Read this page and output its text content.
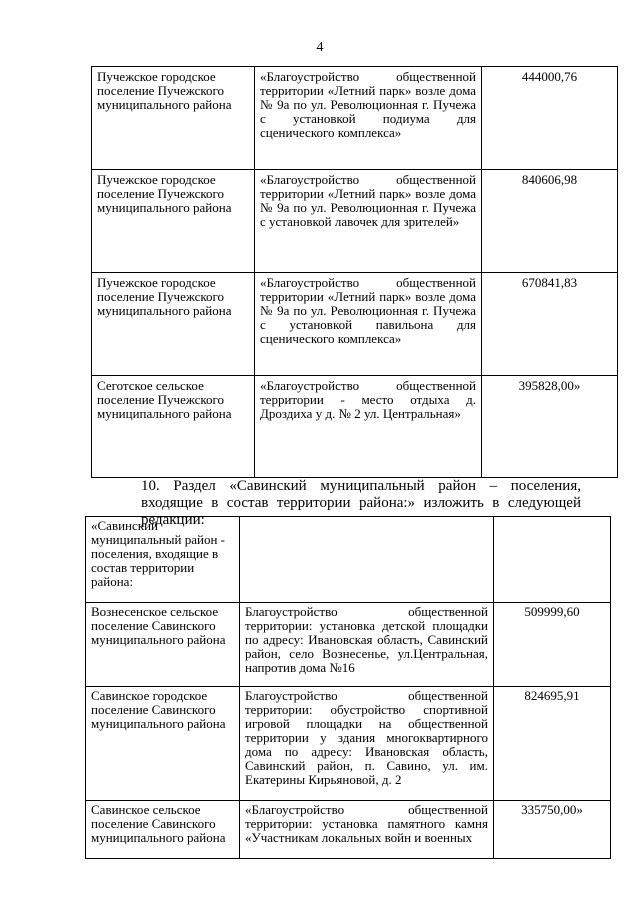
4
Пучежское городское поселение Пучежского муниципального района	«Благоустройство общественной территории «Летний парк» возле дома № 9а по ул. Революционная г. Пучежа с установкой подиума для сценического комплекса»	444000,76
Пучежское городское поселение Пучежского муниципального района	«Благоустройство общественной территории «Летний парк» возле дома № 9а по ул. Революционная г. Пучежа с установкой лавочек для зрителей»	840606,98
Пучежское городское поселение Пучежского муниципального района	«Благоустройство общественной территории «Летний парк» возле дома № 9а по ул. Революционная г. Пучежа с установкой павильона для сценического комплекса»	670841,83
Сеготское сельское поселение Пучежского муниципального района	«Благоустройство общественной территории - место отдыха д. Дроздиха у д. № 2 ул. Центральная»	395828,00»
10. Раздел «Савинский муниципальный район – поселения, входящие в состав территории района:» изложить в следующей редакции:
«Савинский муниципальный район - поселения, входящие в состав территории района:		
Вознесенское сельское поселение Савинского муниципального района	Благоустройство общественной территории: установка детской площадки по адресу: Ивановская область, Савинский район, село Вознесенье, ул.Центральная, напротив дома №16	509999,60
Савинское городское поселение Савинского муниципального района	Благоустройство общественной территории: обустройство спортивной игровой площадки на общественной территории у здания многоквартирного дома по адресу: Ивановская область, Савинский район, п. Савино, ул. им. Екатерины Кирьяновой, д. 2	824695,91
Савинское сельское поселение Савинского муниципального района	«Благоустройство общественной территории: установка памятного камня «Участникам локальных войн и военных	335750,00»
